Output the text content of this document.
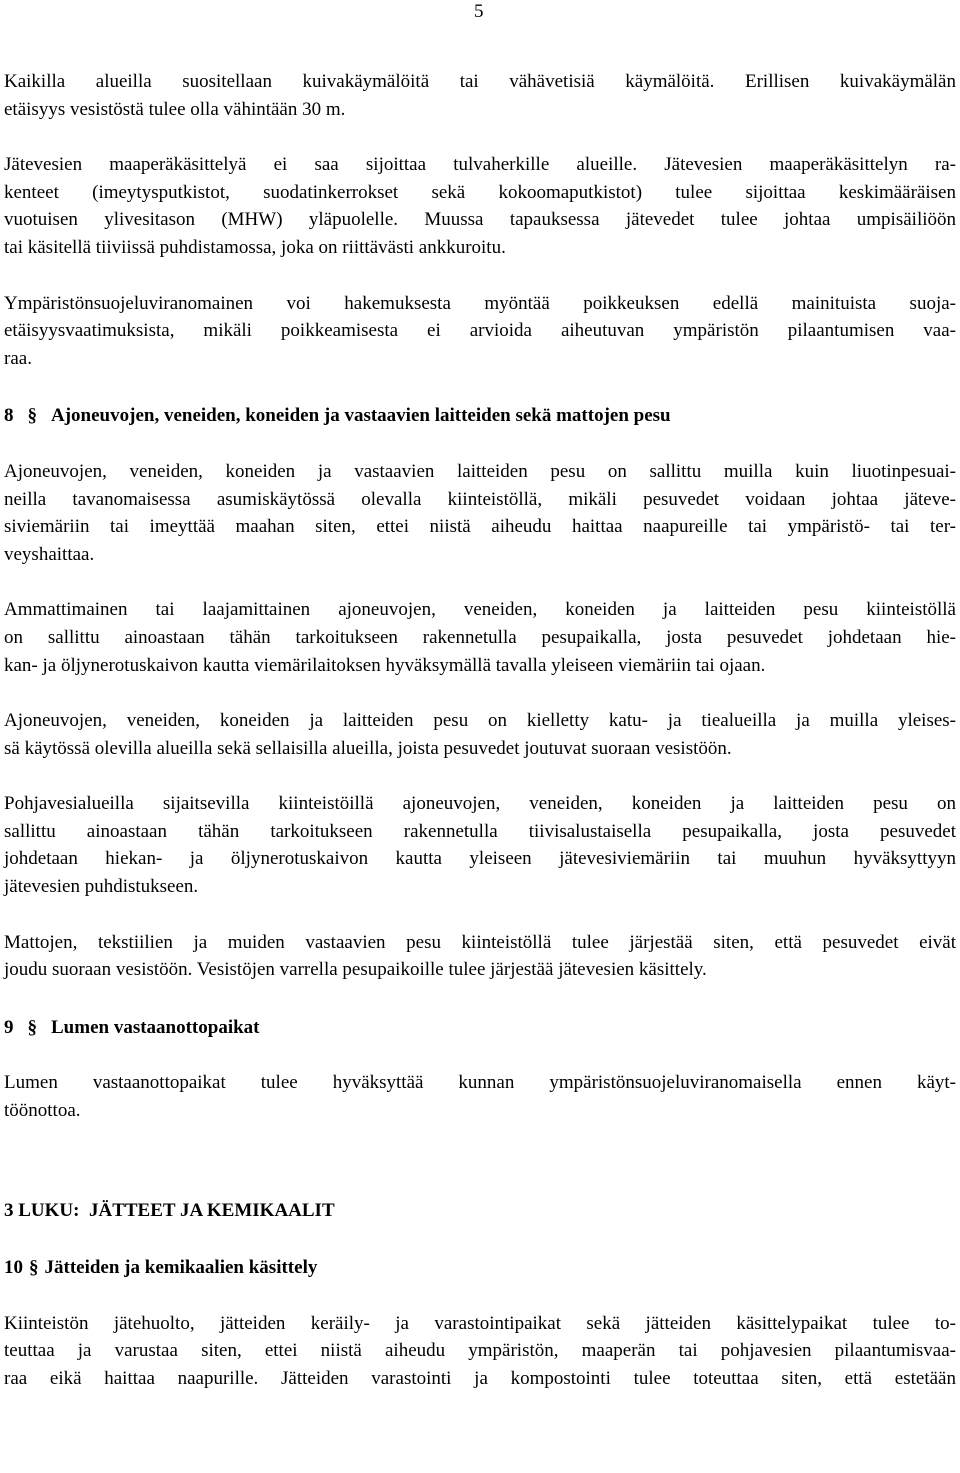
5
Kaikilla alueilla suositellaan kuivakäymälöitä tai vähävetisiä käymälöitä. Erillisen kuivakäymälän
etäisyys vesistöstä tulee olla vähintään 30 m.
Jätevesien maaperäkäsittelyä ei saa sijoittaa tulvaherkille alueille. Jätevesien maaperäkäsittelyn ra-
kenteet (imeytysputkistot, suodatinkerrokset sekä kokoomaputkistot) tulee sijoittaa keskimääräisen
vuotuisen ylivesitason (MHW) yläpuolelle. Muussa tapauksessa jätevedet tulee johtaa umpisäiliöön
tai käsitellä tiiviissä puhdistamossa, joka on riittävästi ankkuroitu.
Ympäristönsuojeluviranomainen voi hakemuksesta myöntää poikkeuksen edellä mainituista suoja-
etäisyysvaatimuksista, mikäli poikkeamisesta ei arvioida aiheutuvan ympäristön pilaantumisen vaa-
raa.
8 § Ajoneuvojen, veneiden, koneiden ja vastaavien laitteiden sekä mattojen pesu
Ajoneuvojen, veneiden, koneiden ja vastaavien laitteiden pesu on sallittu muilla kuin liuotinpesuai-
neilla tavanomaisessa asumiskäytössä olevalla kiinteistöllä, mikäli pesuvedet voidaan johtaa jäteve-
siviemäriin tai imeyttää maahan siten, ettei niistä aiheudu haittaa naapureille tai ympäristö- tai ter-
veyshaittaa.
Ammattimainen tai laajamittainen ajoneuvojen, veneiden, koneiden ja laitteiden pesu kiinteistöllä
on sallittu ainoastaan tähän tarkoitukseen rakennetulla pesupaikalla, josta pesuvedet johdetaan hie-
kan- ja öljynerotuskaivon kautta viemärilaitoksen hyväksymällä tavalla yleiseen viemäriin tai ojaan.
Ajoneuvojen, veneiden, koneiden ja laitteiden pesu on kielletty katu- ja tiealueilla ja muilla yleises-
sä käytössä olevilla alueilla sekä sellaisilla alueilla, joista pesuvedet joutuvat suoraan vesistöön.
Pohjavesialueilla sijaitsevilla kiinteistöillä ajoneuvojen, veneiden, koneiden ja laitteiden pesu on
sallittu ainoastaan tähän tarkoitukseen rakennetulla tiivisalustaisella pesupaikalla, josta pesuvedet
johdetaan hiekan- ja öljynerotuskaivon kautta yleiseen jätevesiviemäriin tai muuhun hyväksyttyyn
jätevesien puhdistukseen.
Mattojen, tekstiilien ja muiden vastaavien pesu kiinteistöllä tulee järjestää siten, että pesuvedet eivät
joudu suoraan vesistöön. Vesistöjen varrella pesupaikoille tulee järjestää jätevesien käsittely.
9 § Lumen vastaanottopaikat
Lumen vastaanottopaikat tulee hyväksyttää kunnan ympäristönsuojeluviranomaisella ennen käyt-
töönottoa.
3 LUKU:  JÄTTEET JA KEMIKAALIT
10 § Jätteiden ja kemikaalien käsittely
Kiinteistön jätehuolto, jätteiden keräily- ja varastointipaikat sekä jätteiden käsittelypaikat tulee to-
teuttaa ja varustaa siten, ettei niistä aiheudu ympäristön, maaperän tai pohjavesien pilaantumisvaa-
raa eikä haittaa naapurille. Jätteiden varastointi ja kompostointi tulee toteuttaa siten, että estetään
